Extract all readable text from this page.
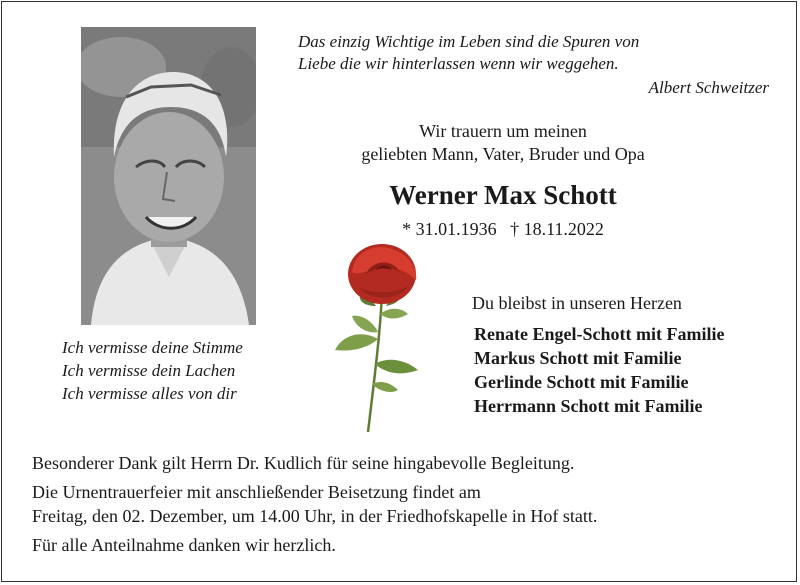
Das einzig Wichtige im Leben sind die Spuren von
Liebe die wir hinterlassen wenn wir weggehen.
Albert Schweitzer
Wir trauern um meinen
geliebten Mann, Vater, Bruder und Opa
Werner Max Schott
* 31.01.1936   † 18.11.2022
Ich vermisse deine Stimme
Ich vermisse dein Lachen
Ich vermisse alles von dir
Du bleibst in unseren Herzen
Renate Engel-Schott mit Familie
Markus Schott mit Familie
Gerlinde Schott mit Familie
Herrmann Schott mit Familie
Besonderer Dank gilt Herrn Dr. Kudlich für seine hingabevolle Begleitung.
Die Urnentrauerfeier mit anschließender Beisetzung findet am
Freitag, den 02. Dezember, um 14.00 Uhr, in der Friedhofskapelle in Hof statt.
Für alle Anteilnahme danken wir herzlich.
